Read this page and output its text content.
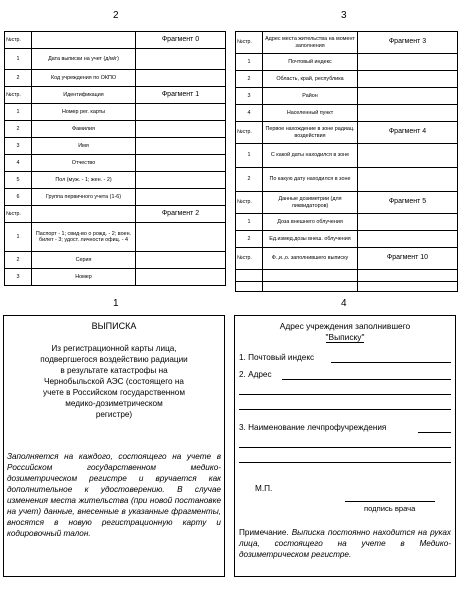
2	3
1	4
№стр.		Фрагмент 0
1	Дата выписки на учет (д/м/г)	
2	Код учреждения по ОКПО	
№стр.	Идентификация	Фрагмент 1
1	Номер рег. карты	
2	Фамилия	
3	Имя	
4	Отчество	
5	Пол (муж. - 1; жен. - 2)	
6	Группа первичного учета (1-6)	
№стр.		Фрагмент 2
1	Паспорт - 1; свид-во о рожд. - 2; воен. билет - 3; удост. личности офиц. - 4	
2	Серия	
3	Номер	
№стр.	Адрес места жительства на момент заполнения	Фрагмент 3
1	Почтовый индекс	
2	Область, край, республика	
3	Район	
4	Населенный пункт	
№стр.	Первое нахождение в зоне радиац. воздействия	Фрагмент 4
1	С какой даты находился в зоне	
2	По какую дату находился в зоне	
№стр.	Данные дозиметрии (для ликвидаторов)	Фрагмент 5
1	Доза внешнего облучения	
2	Ед.измед.дозы внеш. облучения	
№стр.	Ф.,и.,о. заполнившего выписку	Фрагмент 10

ВЫПИСКА
Из регистрационной карты лица,
подвергшегося воздействию радиации
в результате катастрофы на
Чернобыльской АЭС (состоящего на
учете в Российском государственном
медико-дозиметрическом
регистре)
Заполняется на каждого, состоящего на учете в Российском государственном медико-дозиметрическом регистре и вручается как дополнительное к удостоверению. В случае изменения места жительства (при новой постановке на учет) данные, внесенные в указанные фрагменты, вносятся в новую регистрационную карту и кодировочный талон.
Адрес учреждения заполнившего
"Выписку"
1. Почтовый индекс
2. Адрес
3. Наименование лечпрофучреждения
М.П.
подпись врача
Примечание. Выписка постоянно находится на руках лица, состоящего на учете в Медико-дозиметрическом регистре.
